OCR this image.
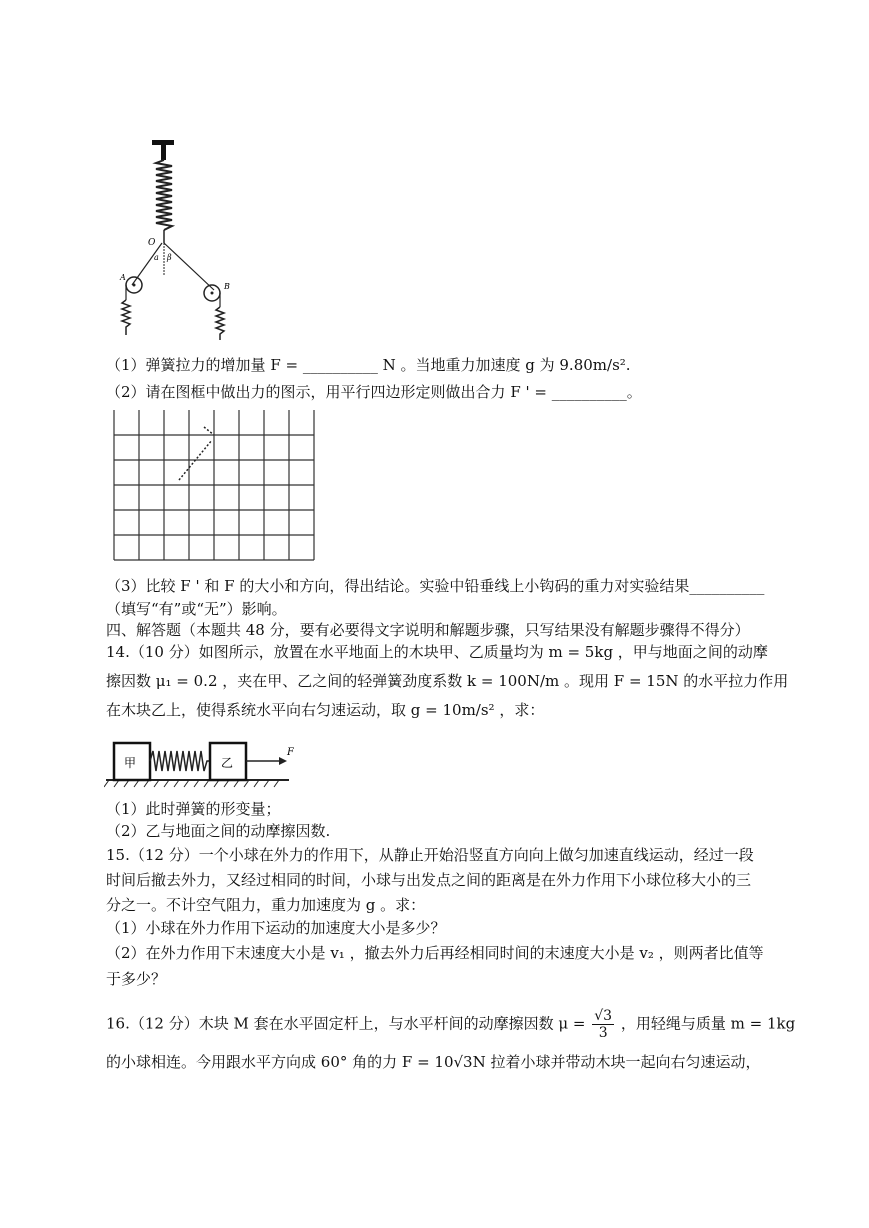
O
a β
A
B
甲	乙
F
（1）弹簧拉力的增加量 F = __________ N 。当地重力加速度 g 为 9.80m/s².
（2）请在图框中做出力的图示，用平行四边形定则做出合力 F ' = __________。
（3）比较 F ' 和 F 的大小和方向，得出结论。实验中铅垂线上小钩码的重力对实验结果__________
（填写“有”或“无”）影响。
四、解答题（本题共 48 分，要有必要得文字说明和解题步骤，只写结果没有解题步骤得不得分）
14.（10 分）如图所示，放置在水平地面上的木块甲、乙质量均为 m = 5kg ，甲与地面之间的动摩
擦因数 μ₁ = 0.2 ，夹在甲、乙之间的轻弹簧劲度系数 k = 100N/m 。现用 F = 15N 的水平拉力作用
在木块乙上，使得系统水平向右匀速运动，取 g = 10m/s² ，求：
（1）此时弹簧的形变量；
（2）乙与地面之间的动摩擦因数.
15.（12 分）一个小球在外力的作用下，从静止开始沿竖直方向向上做匀加速直线运动，经过一段
时间后撤去外力，又经过相同的时间，小球与出发点之间的距离是在外力作用下小球位移大小的三
分之一。不计空气阻力，重力加速度为 g 。求：
（1）小球在外力作用下运动的加速度大小是多少？
（2）在外力作用下末速度大小是 v₁ ，撤去外力后再经相同时间的末速度大小是 v₂ ，则两者比值等
于多少？
16.（12 分）木块 M 套在水平固定杆上，与水平杆间的动摩擦因数 $\mu = \frac{√3}{3}$ ，用轻绳与质量 m = 1kg
的小球相连。今用跟水平方向成 60° 角的力 F = 10√3N 拉着小球并带动木块一起向右匀速运动，
